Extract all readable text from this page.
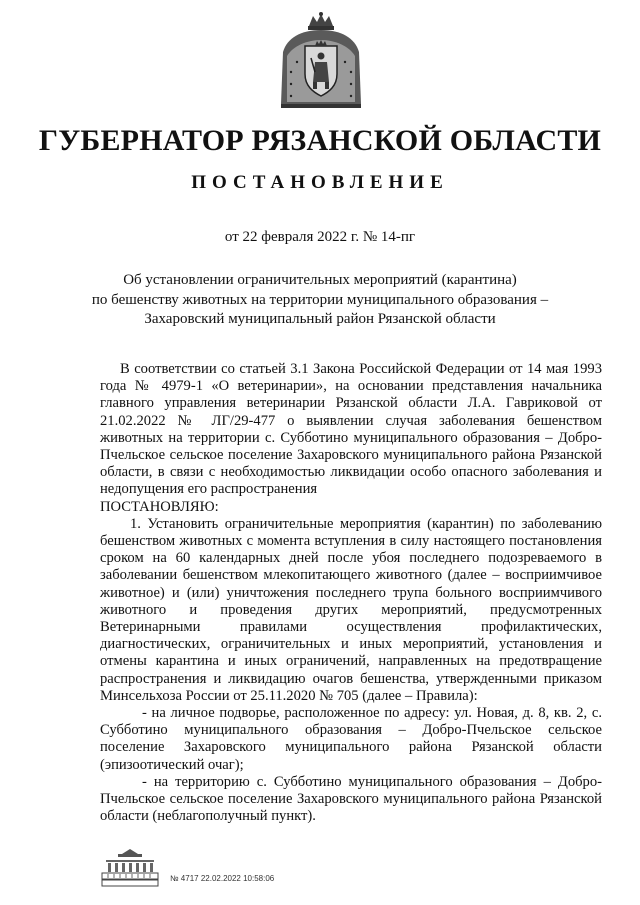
ГУБЕРНАТОР РЯЗАНСКОЙ ОБЛАСТИ
ПОСТАНОВЛЕНИЕ
от 22 февраля 2022 г. № 14-пг
Об установлении ограничительных мероприятий (карантина)
по бешенству животных на территории муниципального образования –
Захаровский муниципальный район Рязанской области

В соответствии со статьей 3.1 Закона Российской Федерации от 14 мая 1993 года № 4979-1 «О ветеринарии», на основании представления начальника главного управления ветеринарии Рязанской области Л.А. Гавриковой от 21.02.2022 № ЛГ/29-477 о выявлении случая заболевания бешенством животных на территории с. Субботино муниципального образования – Добро-Пчельское сельское поселение Захаровского муниципального района Рязанской области, в связи с необходимостью ликвидации особо опасного заболевания и недопущения его распространения

ПОСТАНОВЛЯЮ:

1. Установить ограничительные мероприятия (карантин) по заболеванию бешенством животных с момента вступления в силу настоящего постановления сроком на 60 календарных дней после убоя последнего подозреваемого в заболевании бешенством млекопитающего животного (далее – восприимчивое животное) и (или) уничтожения последнего трупа больного восприимчивого животного и проведения других мероприятий, предусмотренных Ветеринарными правилами осуществления профилактических, диагностических, ограничительных и иных мероприятий, установления и отмены карантина и иных ограничений, направленных на предотвращение распространения и ликвидацию очагов бешенства, утвержденными приказом Минсельхоза России от 25.11.2020 № 705 (далее – Правила):

- на личное подворье, расположенное по адресу: ул. Новая, д. 8, кв. 2, с. Субботино муниципального образования – Добро-Пчельское сельское поселение Захаровского муниципального района Рязанской области (эпизоотический очаг);

- на территорию с. Субботино муниципального образования – Добро-Пчельское сельское поселение Захаровского муниципального района Рязанской области (неблагополучный пункт).

№ 4717 22.02.2022 10:58:06
